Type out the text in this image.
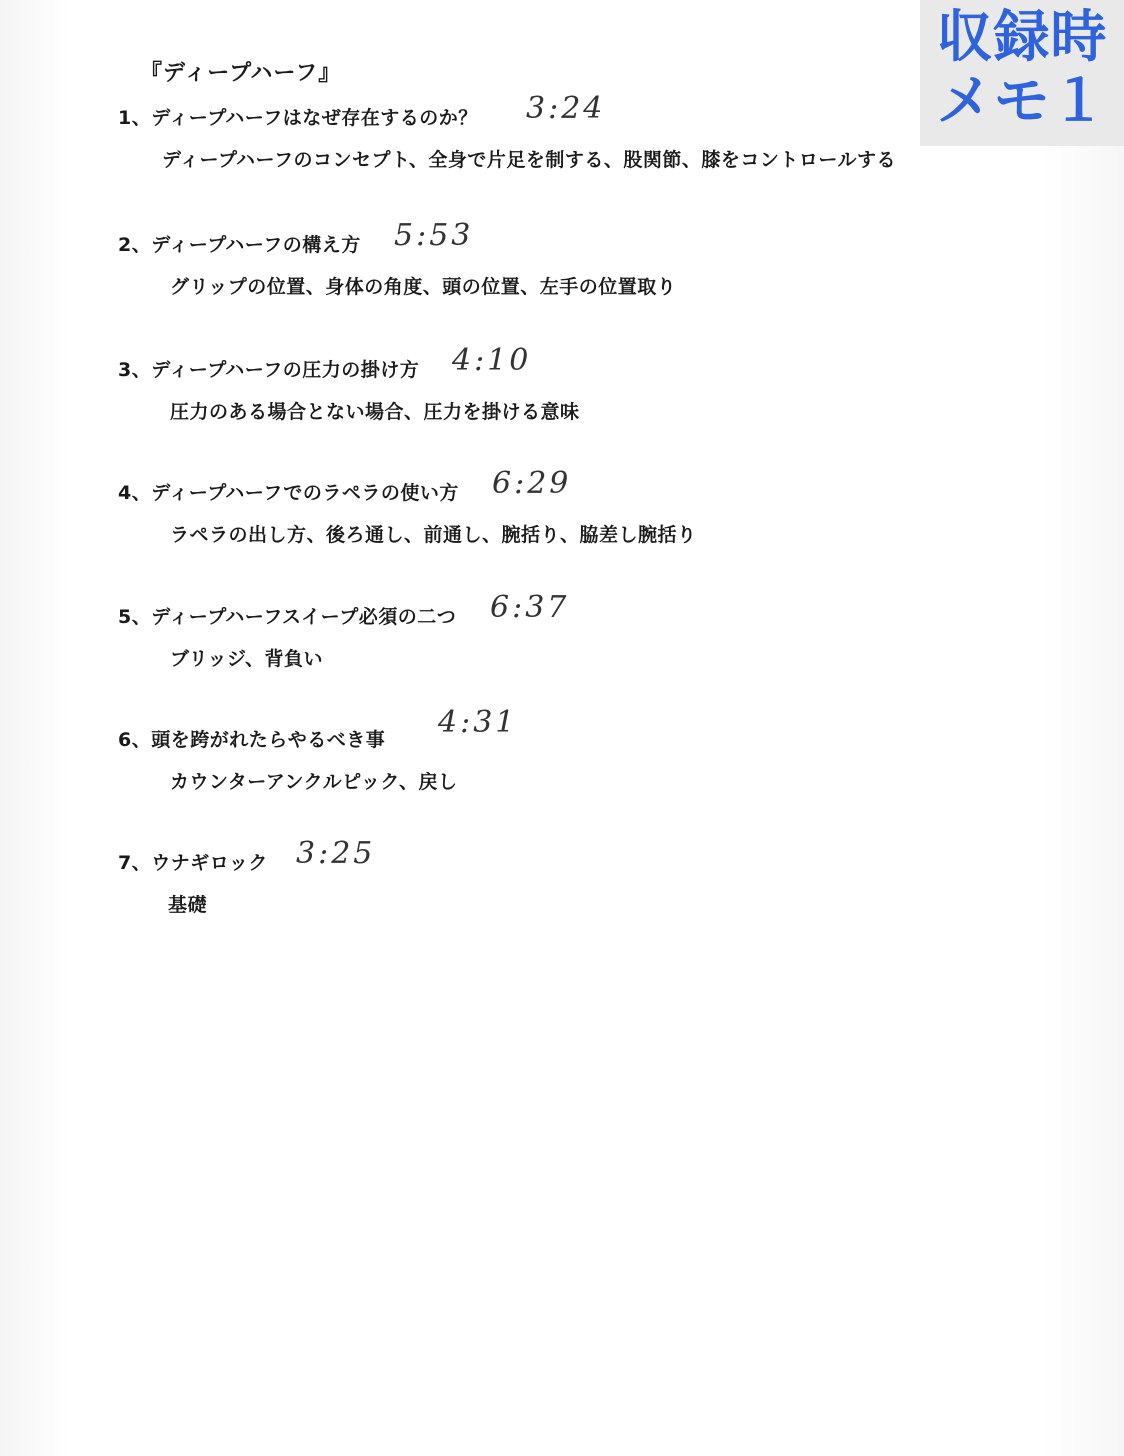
収録時
メモ１
『ディープハーフ』
1、ディープハーフはなぜ存在するのか？ 3:24
ディープハーフのコンセプト、全身で片足を制する、股関節、膝をコントロールする
2、ディープハーフの構え方 5:53
グリップの位置、身体の角度、頭の位置、左手の位置取り
3、ディープハーフの圧力の掛け方 4:10
圧力のある場合とない場合、圧力を掛ける意味
4、ディープハーフでのラペラの使い方 6:29
ラペラの出し方、後ろ通し、前通し、腕括り、脇差し腕括り
5、ディープハーフスイープ必須の二つ 6:37
ブリッジ、背負い
6、頭を跨がれたらやるべき事 4:31
カウンターアンクルピック、戻し
7、ウナギロック 3:25
基礎
